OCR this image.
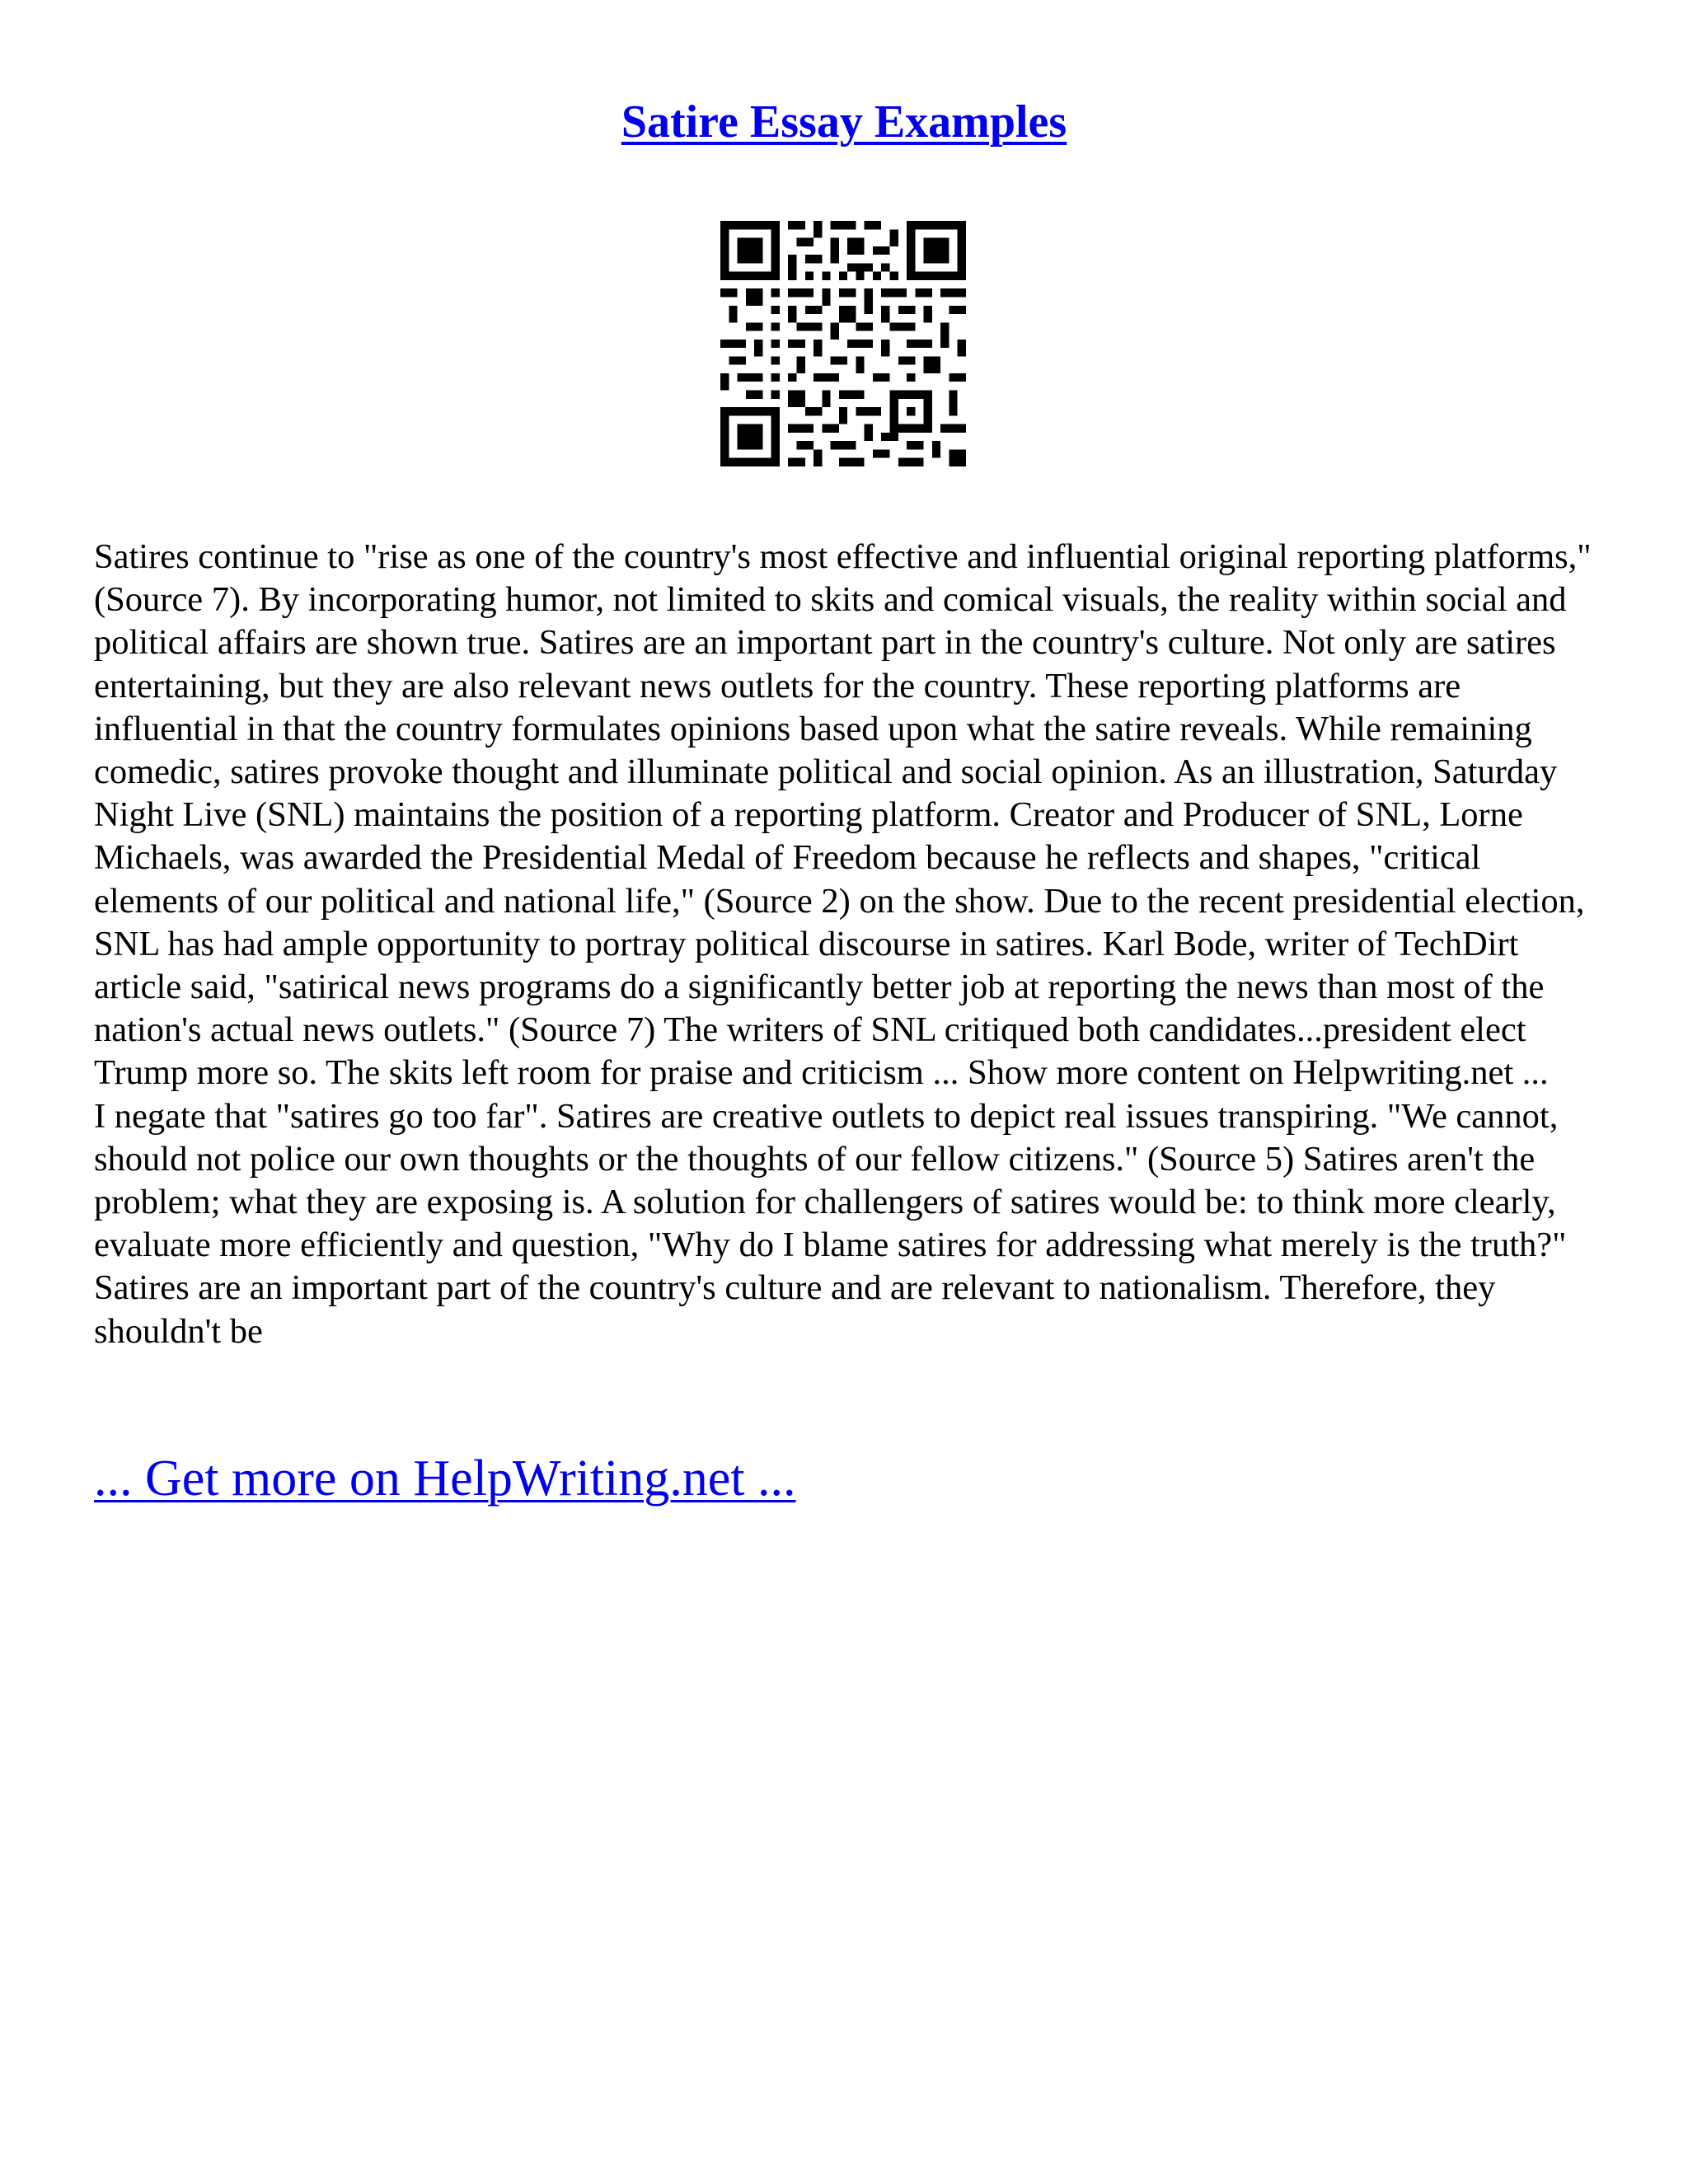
Satire Essay Examples

Satires continue to "rise as one of the country's most effective and influential original reporting platforms," (Source 7). By incorporating humor, not limited to skits and comical visuals, the reality within social and political affairs are shown true. Satires are an important part in the country's culture. Not only are satires entertaining, but they are also relevant news outlets for the country. These reporting platforms are influential in that the country formulates opinions based upon what the satire reveals. While remaining comedic, satires provoke thought and illuminate political and social opinion. As an illustration, Saturday Night Live (SNL) maintains the position of a reporting platform. Creator and Producer of SNL, Lorne Michaels, was awarded the Presidential Medal of Freedom because he reflects and shapes, "critical elements of our political and national life," (Source 2) on the show. Due to the recent presidential election, SNL has had ample opportunity to portray political discourse in satires. Karl Bode, writer of TechDirt article said, "satirical news programs do a significantly better job at reporting the news than most of the nation's actual news outlets." (Source 7) The writers of SNL critiqued both candidates...president elect Trump more so. The skits left room for praise and criticism ... Show more content on Helpwriting.net ...

I negate that "satires go too far". Satires are creative outlets to depict real issues transpiring. "We cannot, should not police our own thoughts or the thoughts of our fellow citizens." (Source 5) Satires aren't the problem; what they are exposing is. A solution for challengers of satires would be: to think more clearly, evaluate more efficiently and question, "Why do I blame satires for addressing what merely is the truth?" Satires are an important part of the country's culture and are relevant to nationalism. Therefore, they shouldn't be

... Get more on HelpWriting.net ...
